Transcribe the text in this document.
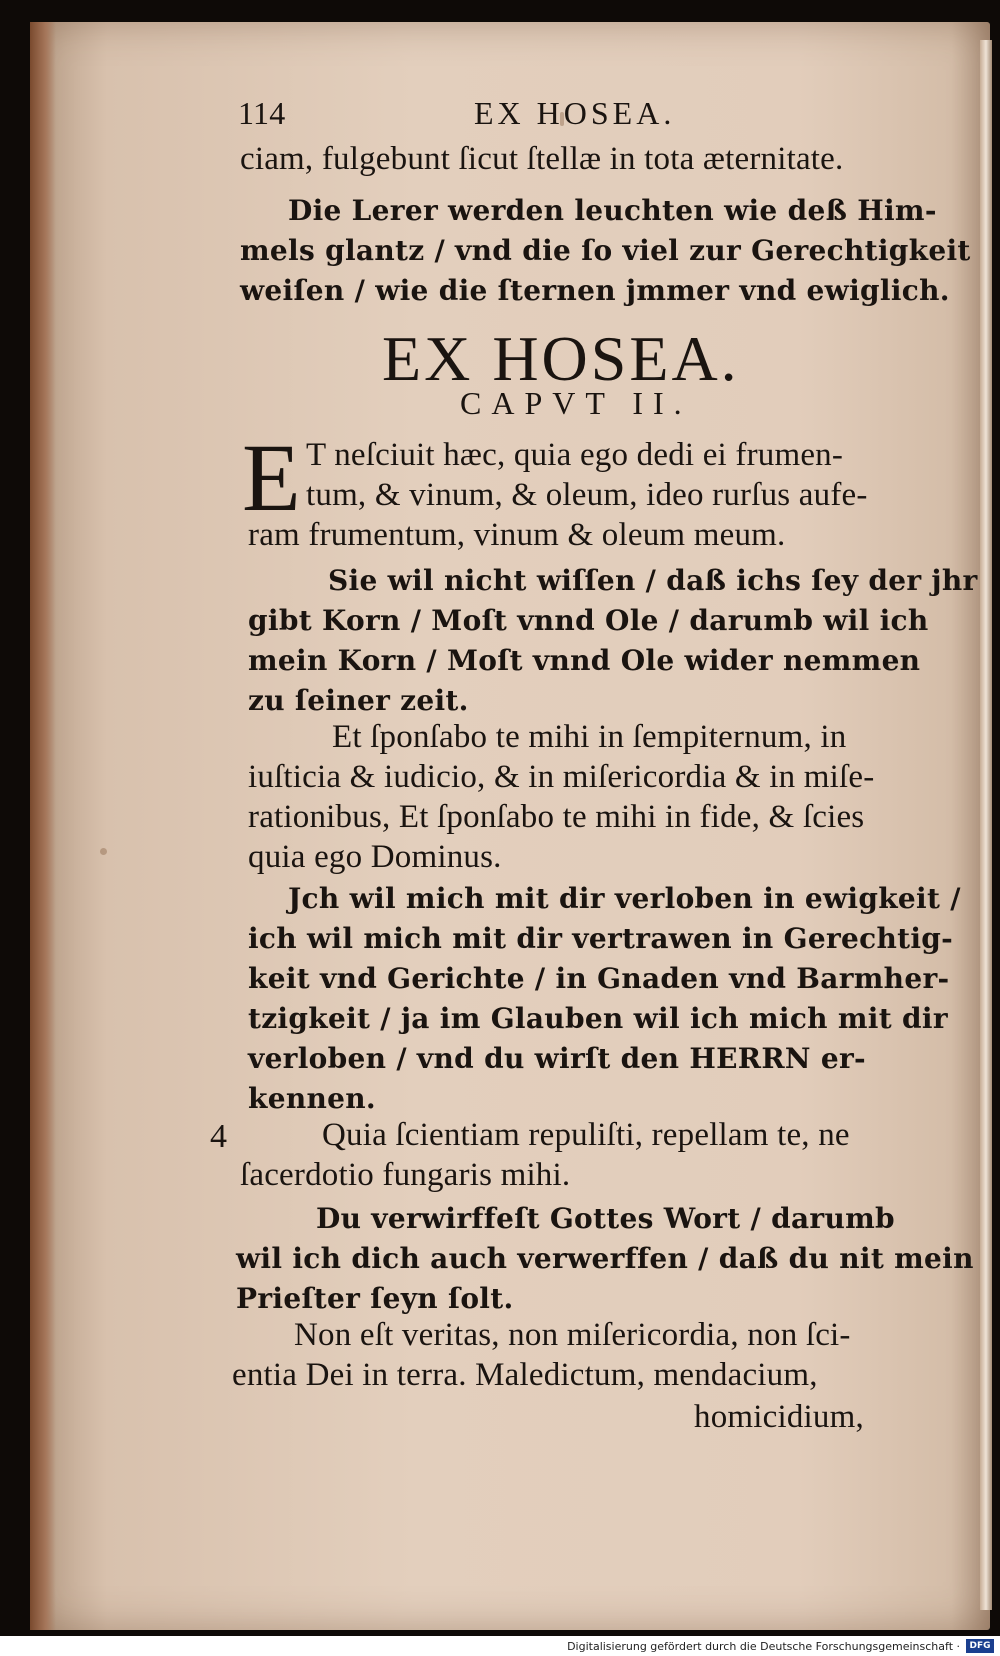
114	EX HOSEA.
ciam, fulgebunt ſicut ſtellæ in tota æternitate.
Die Lerer werden leuchten wie deß Him-
mels glantz / vnd die ſo viel zur Gerechtigkeit
weiſen / wie die ſternen jmmer vnd ewiglich.
EX HOSEA.
CAPVT II.
E T neſciuit hæc, quia ego dedi ei frumen-
tum, & vinum, & oleum, ideo rurſus aufe-
ram frumentum, vinum & oleum meum.
Sie wil nicht wiſſen / daß ichs ſey der jhr
gibt Korn / Moſt vnnd Ole / darumb wil ich
mein Korn / Moſt vnnd Ole wider nemmen
zu ſeiner zeit.
Et ſponſabo te mihi in ſempiternum, in
iuſticia & iudicio, & in miſericordia & in miſe-
rationibus, Et ſponſabo te mihi in fide, & ſcies
quia ego Dominus.
Jch wil mich mit dir verloben in ewigkeit /
ich wil mich mit dir vertrawen in Gerechtig-
keit vnd Gerichte / in Gnaden vnd Barmher-
tzigkeit / ja im Glauben wil ich mich mit dir
verloben / vnd du wirſt den HERRN er-
kennen.
4	Quia ſcientiam repuliſti, repellam te, ne
ſacerdotio fungaris mihi.
Du verwirffeſt Gottes Wort / darumb
wil ich dich auch verwerffen / daß du nit mein
Prieſter ſeyn ſolt.
Non eſt veritas, non miſericordia, non ſci-
entia Dei in terra. Maledictum, mendacium,
homicidium,
Digitalisierung gefördert durch die Deutsche Forschungsgemeinschaft ·	DFG
